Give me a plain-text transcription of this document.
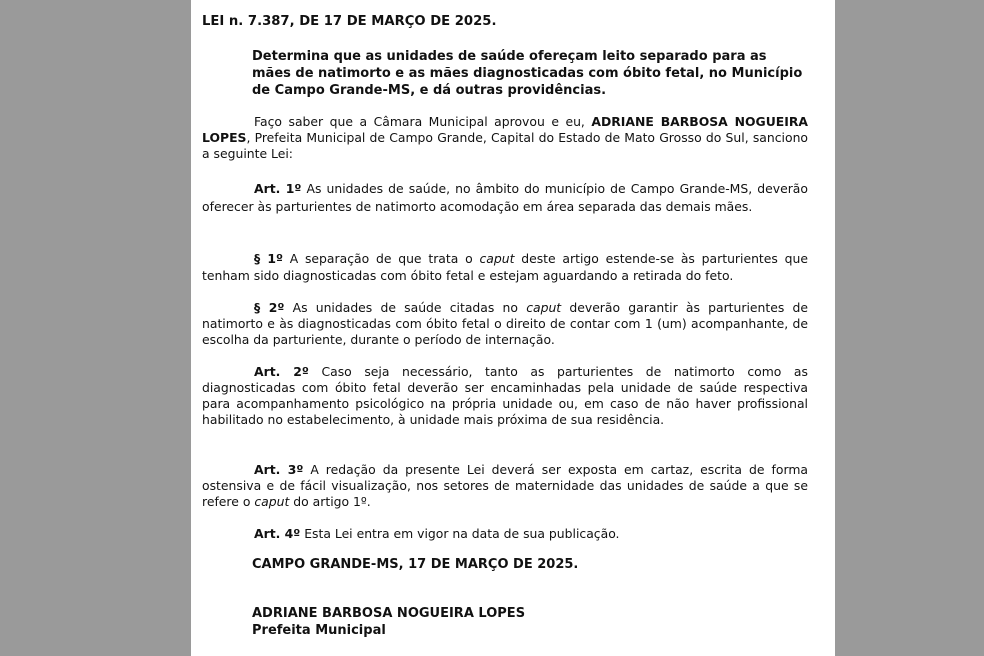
LEI n. 7.387, DE 17 DE MARÇO DE 2025.

Determina que as unidades de saúde ofereçam leito separado para as mães de natimorto e as mães diagnosticadas com óbito fetal, no Município de Campo Grande-MS, e dá outras providências.

Faço saber que a Câmara Municipal aprovou e eu, ADRIANE BARBOSA NOGUEIRA LOPES, Prefeita Municipal de Campo Grande, Capital do Estado de Mato Grosso do Sul, sanciono a seguinte Lei:

Art. 1º As unidades de saúde, no âmbito do município de Campo Grande-MS, deverão oferecer às parturientes de natimorto acomodação em área separada das demais mães.

§ 1º A separação de que trata o caput deste artigo estende-se às parturientes que tenham sido diagnosticadas com óbito fetal e estejam aguardando a retirada do feto.

§ 2º As unidades de saúde citadas no caput deverão garantir às parturientes de natimorto e às diagnosticadas com óbito fetal o direito de contar com 1 (um) acompanhante, de escolha da parturiente, durante o período de internação.

Art. 2º Caso seja necessário, tanto as parturientes de natimorto como as diagnosticadas com óbito fetal deverão ser encaminhadas pela unidade de saúde respectiva para acompanhamento psicológico na própria unidade ou, em caso de não haver profissional habilitado no estabelecimento, à unidade mais próxima de sua residência.

Art. 3º A redação da presente Lei deverá ser exposta em cartaz, escrita de forma ostensiva e de fácil visualização, nos setores de maternidade das unidades de saúde a que se refere o caput do artigo 1º.

Art. 4º Esta Lei entra em vigor na data de sua publicação.

CAMPO GRANDE-MS, 17 DE MARÇO DE 2025.

ADRIANE BARBOSA NOGUEIRA LOPES

Prefeita Municipal
